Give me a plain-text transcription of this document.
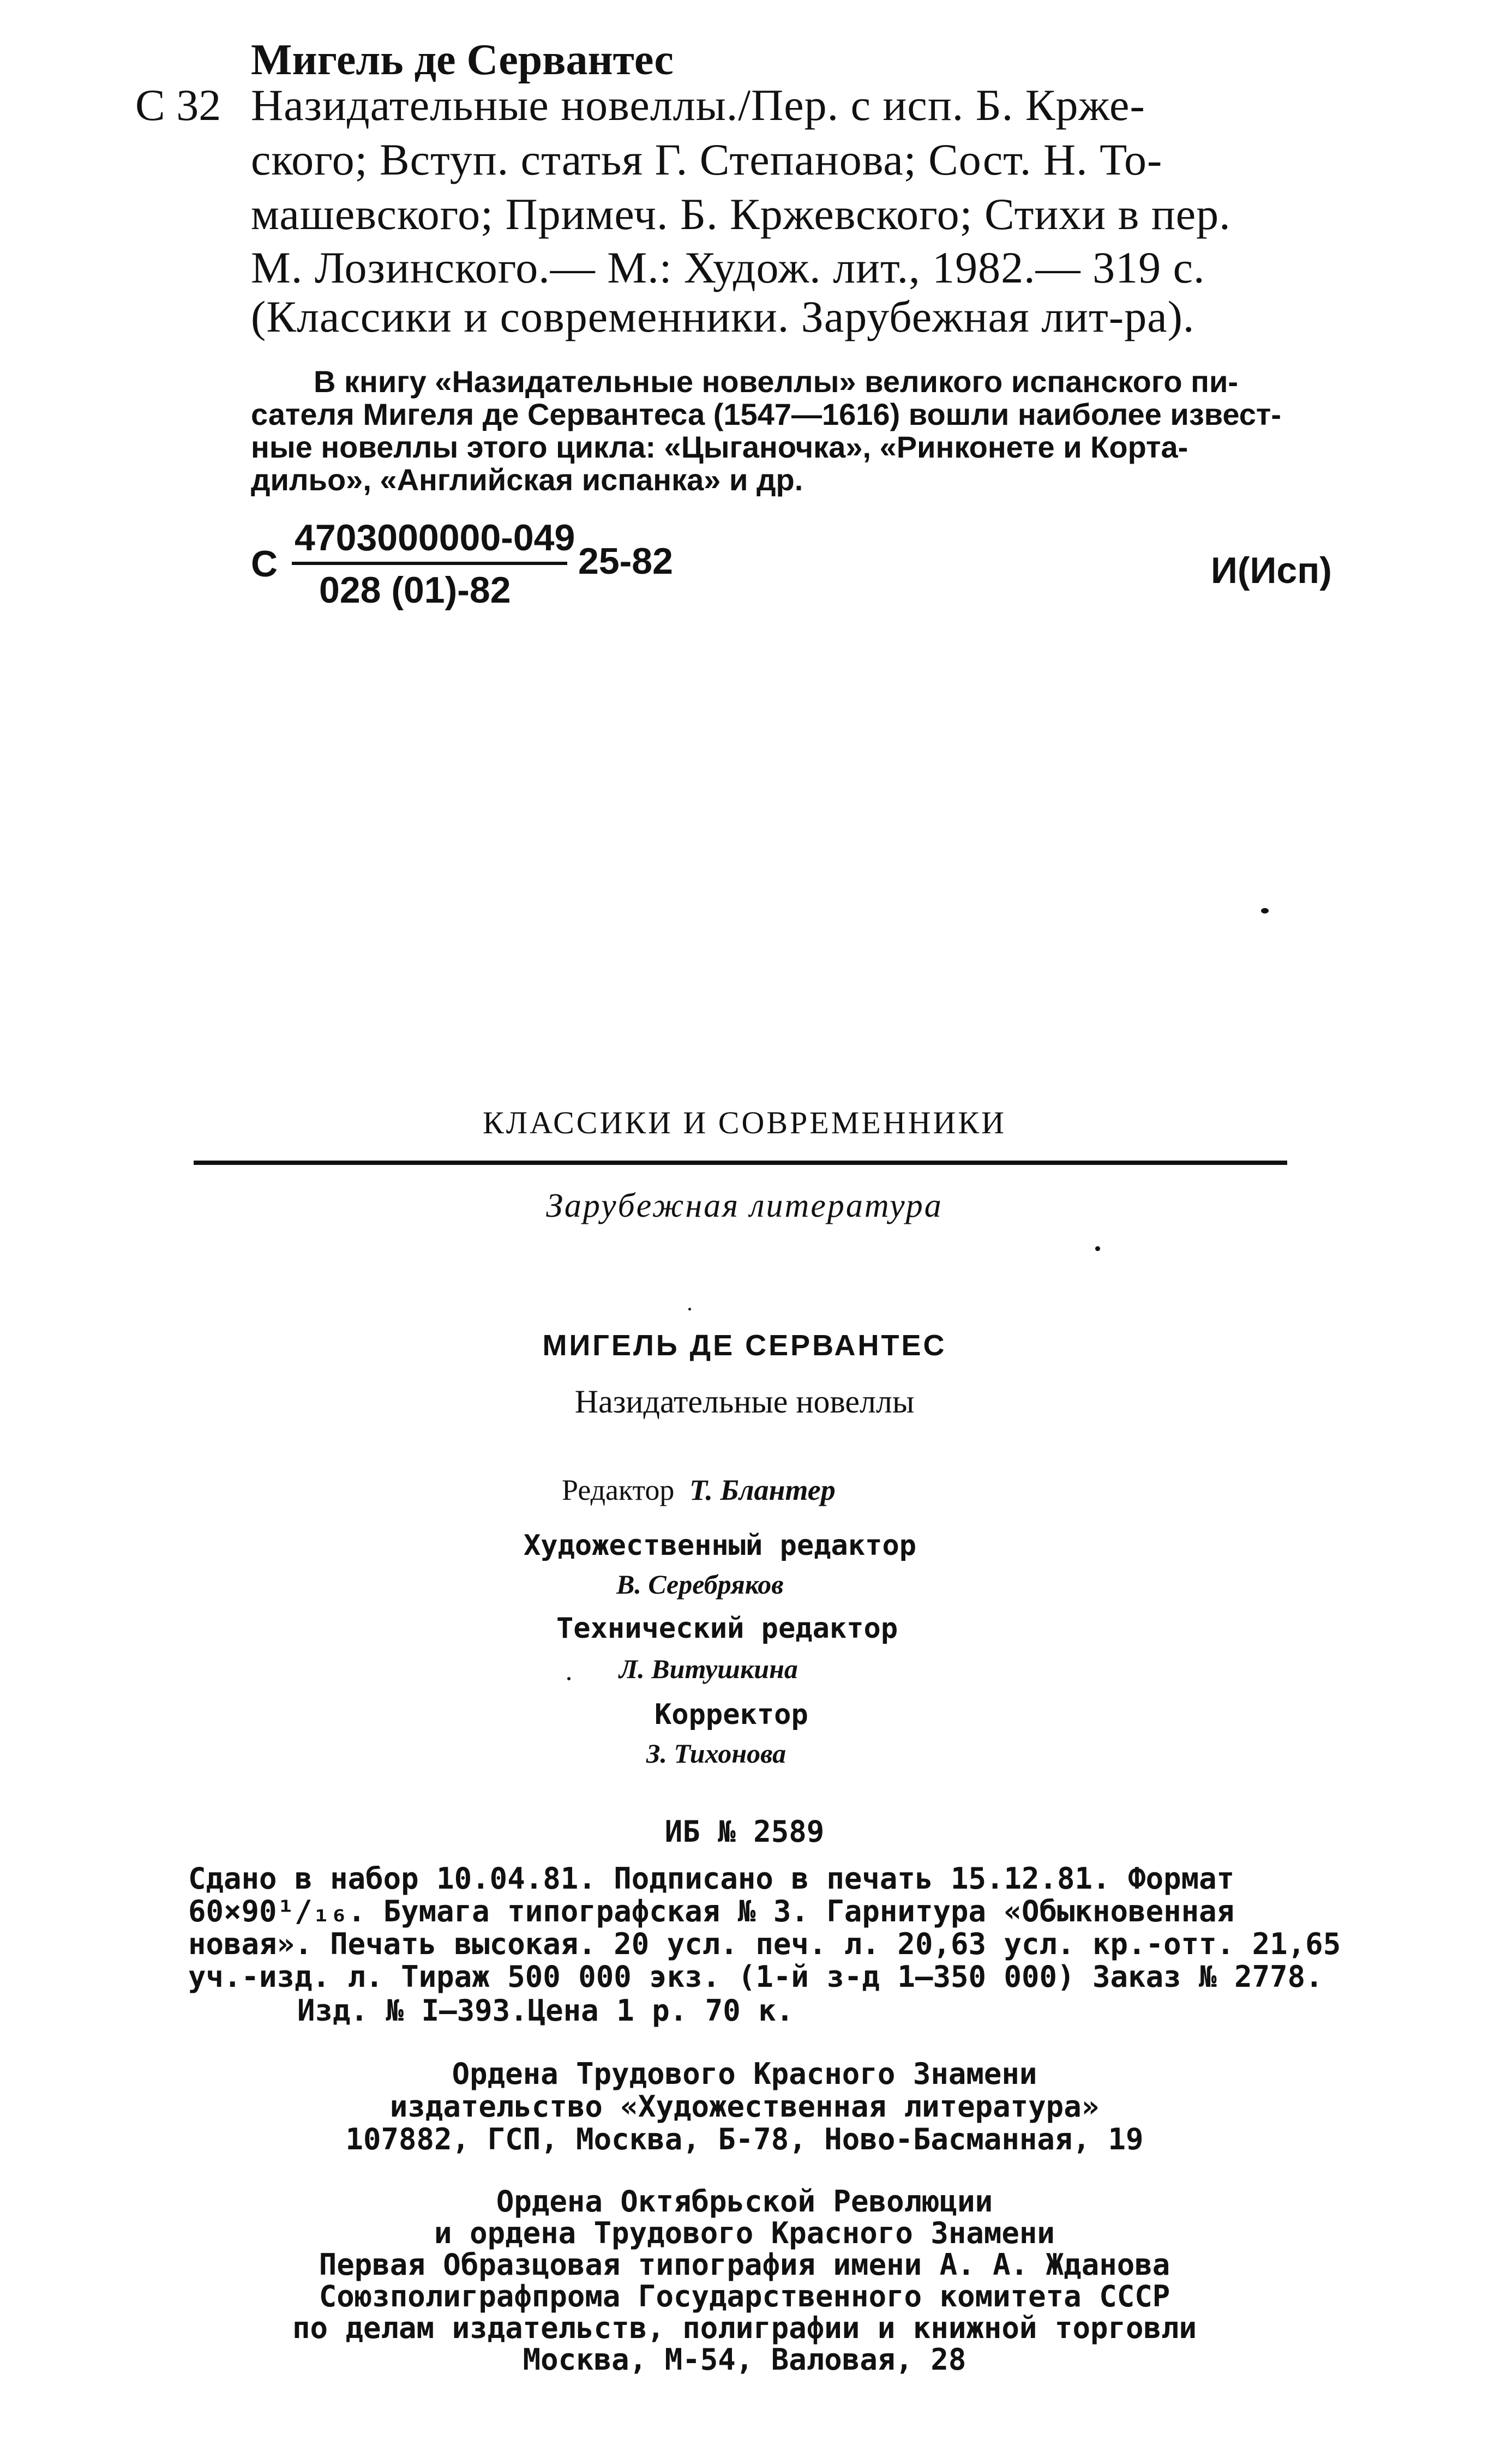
Мигель де Сервантес
С 32 Назидательные новеллы./Пер. с исп. Б. Крже-
ского; Вступ. статья Г. Степанова; Сост. Н. То-
машевского; Примеч. Б. Кржевского; Стихи в пер.
М. Лозинского.— М.: Худож. лит., 1982.— 319 с.
(Классики и современники. Зарубежная лит-ра).
В книгу «Назидательные новеллы» великого испанского пи-
сателя Мигеля де Сервантеса (1547—1616) вошли наиболее извест-
ные новеллы этого цикла: «Цыганочка», «Ринконете и Корта-
дильо», «Английская испанка» и др.
С
4703000000-049
028 (01)-82
25-82	И(Исп)
КЛАССИКИ И СОВРЕМЕННИКИ
Зарубежная литература
МИГЕЛЬ ДЕ СЕРВАНТЕС
Назидательные новеллы
Редактор Т. Блантер
Художественный редактор
В. Серебряков
Технический редактор
Л. Витушкина
Корректор
З. Тихонова
ИБ № 2589
Сдано в набор 10.04.81. Подписано в печать 15.12.81. Формат
60×90¹/₁₆. Бумага типографская № 3. Гарнитура «Обыкновенная
новая». Печать высокая. 20 усл. печ. л. 20,63 усл. кр.-отт. 21,65
уч.-изд. л. Тираж 500 000 экз. (1-й з-д 1—350 000) Заказ № 2778.
Изд. № I—393.Цена 1 р. 70 к.
Ордена Трудового Красного Знамени
издательство «Художественная литература»
107882, ГСП, Москва, Б-78, Ново-Басманная, 19
Ордена Октябрьской Революции
и ордена Трудового Красного Знамени
Первая Образцовая типография имени А. А. Жданова
Союзполиграфпрома Государственного комитета СССР
по делам издательств, полиграфии и книжной торговли
Москва, М-54, Валовая, 28
